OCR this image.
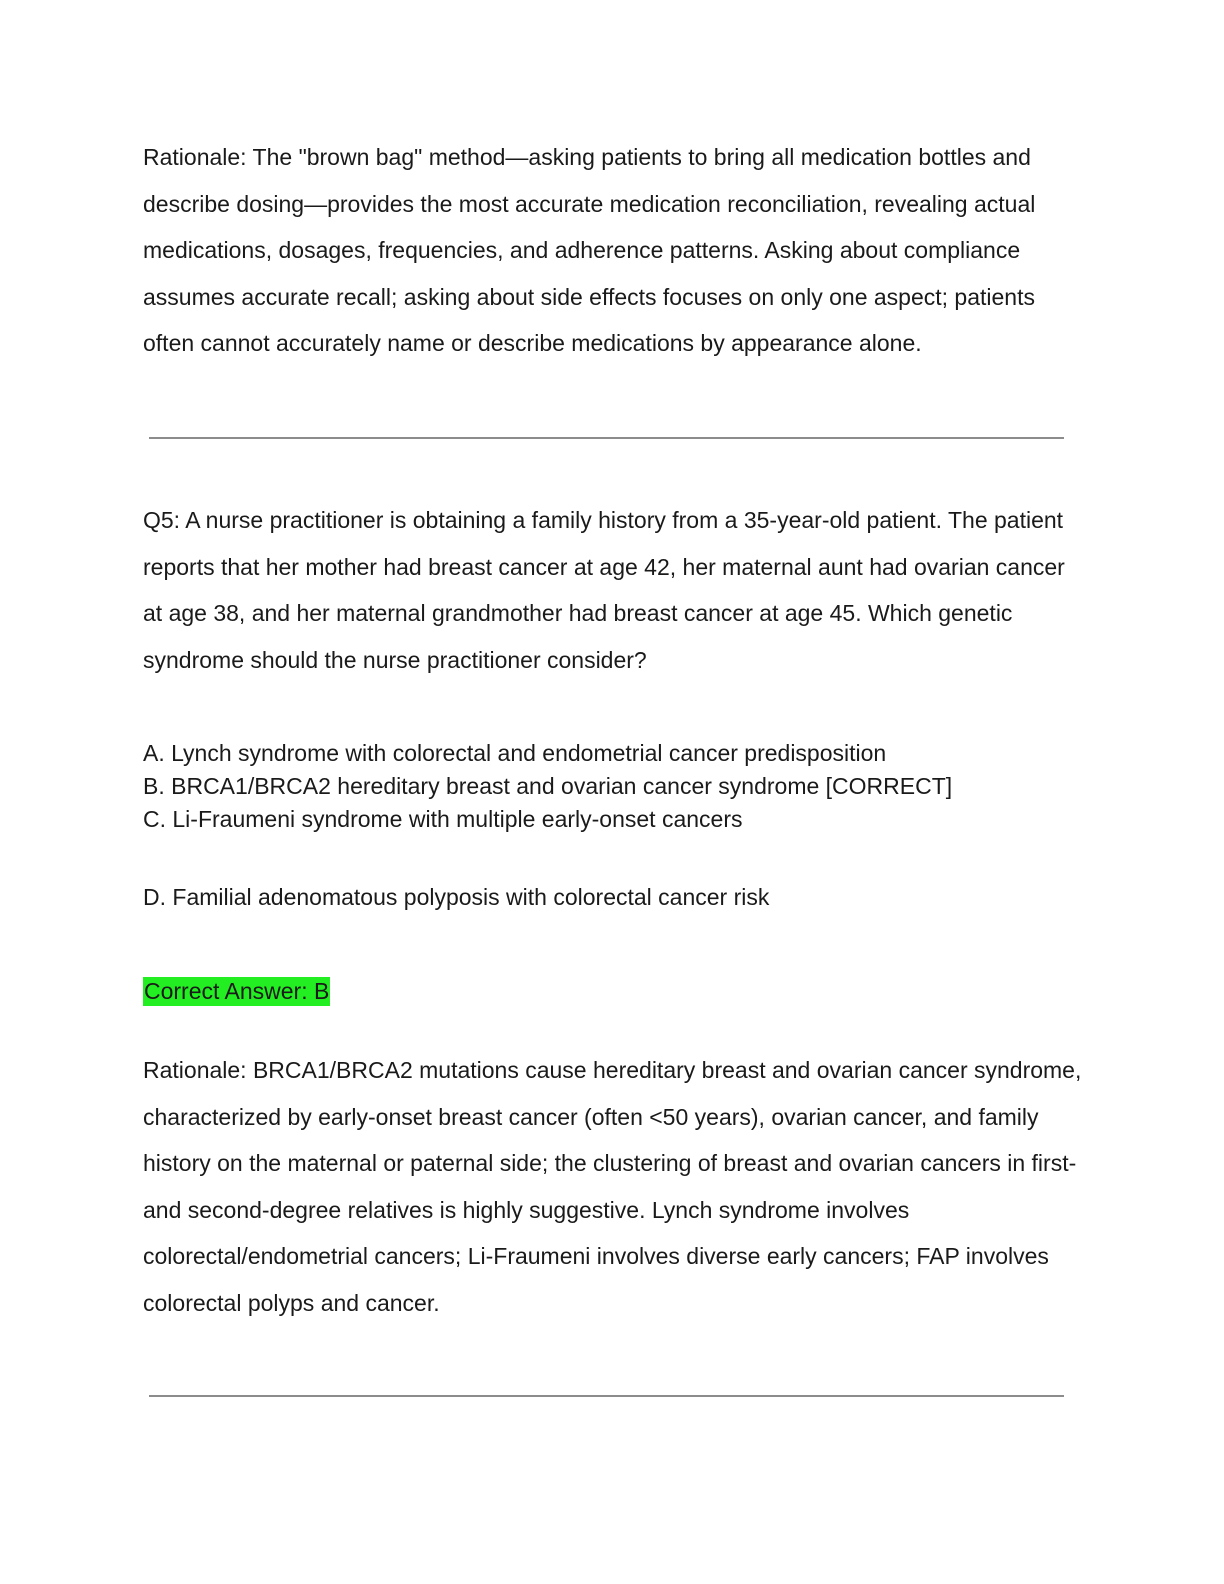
Rationale: The "brown bag" method—asking patients to bring all medication bottles and describe dosing—provides the most accurate medication reconciliation, revealing actual medications, dosages, frequencies, and adherence patterns. Asking about compliance assumes accurate recall; asking about side effects focuses on only one aspect; patients often cannot accurately name or describe medications by appearance alone.

Q5: A nurse practitioner is obtaining a family history from a 35-year-old patient. The patient reports that her mother had breast cancer at age 42, her maternal aunt had ovarian cancer at age 38, and her maternal grandmother had breast cancer at age 45. Which genetic syndrome should the nurse practitioner consider?

A. Lynch syndrome with colorectal and endometrial cancer predisposition
B. BRCA1/BRCA2 hereditary breast and ovarian cancer syndrome [CORRECT]
C. Li-Fraumeni syndrome with multiple early-onset cancers
D. Familial adenomatous polyposis with colorectal cancer risk
Correct Answer: B

Rationale: BRCA1/BRCA2 mutations cause hereditary breast and ovarian cancer syndrome, characterized by early-onset breast cancer (often <50 years), ovarian cancer, and family history on the maternal or paternal side; the clustering of breast and ovarian cancers in first- and second-degree relatives is highly suggestive. Lynch syndrome involves colorectal/endometrial cancers; Li-Fraumeni involves diverse early cancers; FAP involves colorectal polyps and cancer.
